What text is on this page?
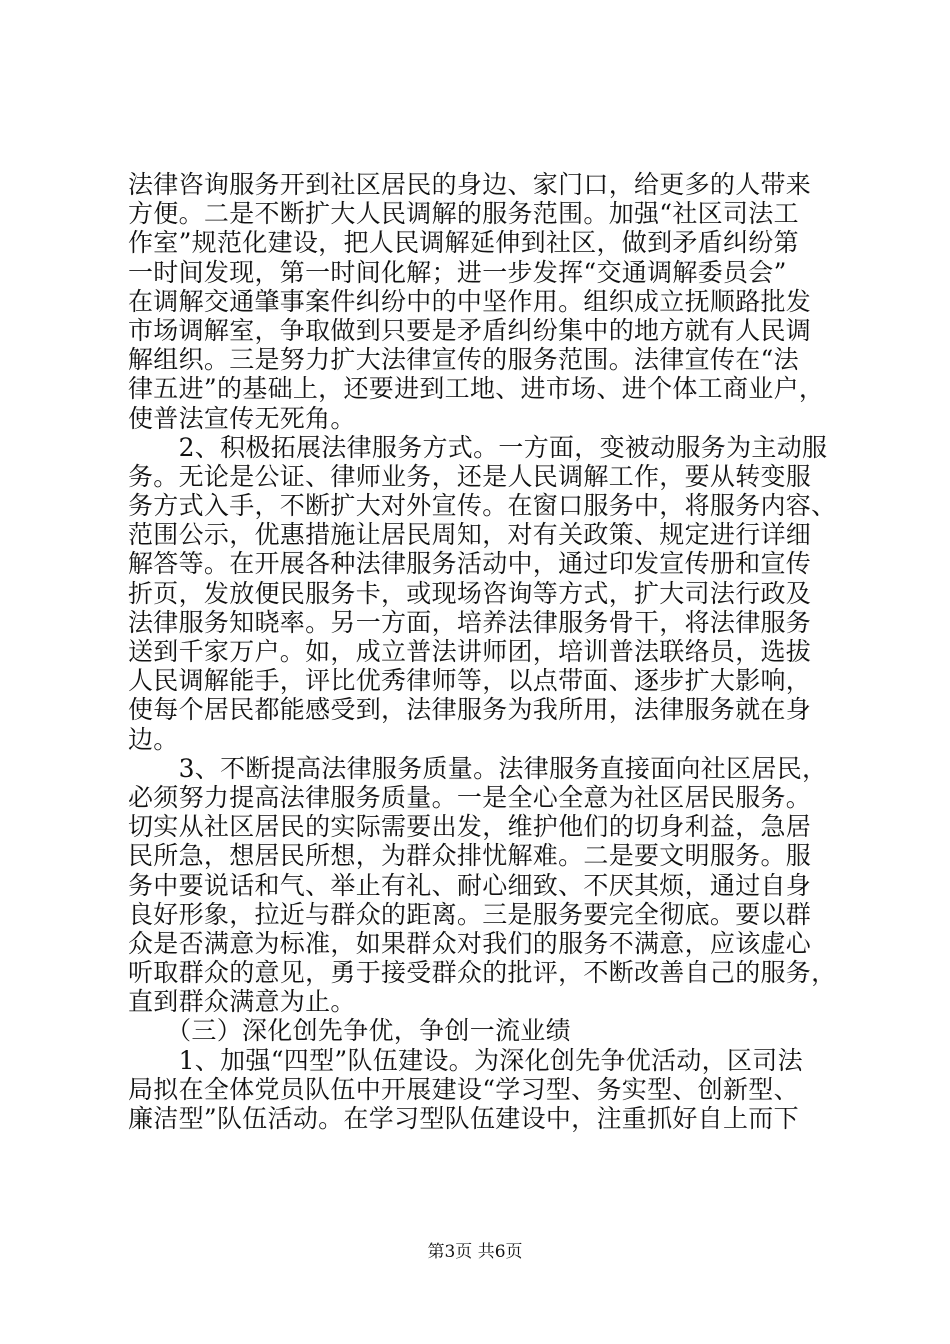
法律咨询服务开到社区居民的身边、家门口，给更多的人带来
方便。二是不断扩大人民调解的服务范围。加强“社区司法工
作室”规范化建设，把人民调解延伸到社区，做到矛盾纠纷第
一时间发现，第一时间化解；进一步发挥“交通调解委员会”
在调解交通肇事案件纠纷中的中坚作用。组织成立抚顺路批发
市场调解室，争取做到只要是矛盾纠纷集中的地方就有人民调
解组织。三是努力扩大法律宣传的服务范围。法律宣传在“法
律五进”的基础上，还要进到工地、进市场、进个体工商业户，
使普法宣传无死角。
　　2、积极拓展法律服务方式。一方面，变被动服务为主动服
务。无论是公证、律师业务，还是人民调解工作，要从转变服
务方式入手，不断扩大对外宣传。在窗口服务中，将服务内容、
范围公示，优惠措施让居民周知，对有关政策、规定进行详细
解答等。在开展各种法律服务活动中，通过印发宣传册和宣传
折页，发放便民服务卡，或现场咨询等方式，扩大司法行政及
法律服务知晓率。另一方面，培养法律服务骨干，将法律服务
送到千家万户。如，成立普法讲师团，培训普法联络员，选拔
人民调解能手，评比优秀律师等，以点带面、逐步扩大影响，
使每个居民都能感受到，法律服务为我所用，法律服务就在身
边。
　　3、不断提高法律服务质量。法律服务直接面向社区居民，
必须努力提高法律服务质量。一是全心全意为社区居民服务。
切实从社区居民的实际需要出发，维护他们的切身利益，急居
民所急，想居民所想，为群众排忧解难。二是要文明服务。服
务中要说话和气、举止有礼、耐心细致、不厌其烦，通过自身
良好形象，拉近与群众的距离。三是服务要完全彻底。要以群
众是否满意为标准，如果群众对我们的服务不满意，应该虚心
听取群众的意见，勇于接受群众的批评，不断改善自己的服务，
直到群众满意为止。
　　（三）深化创先争优，争创一流业绩
　　1、加强“四型”队伍建设。为深化创先争优活动，区司法
局拟在全体党员队伍中开展建设“学习型、务实型、创新型、
廉洁型”队伍活动。在学习型队伍建设中，注重抓好自上而下
第3页 共6页
